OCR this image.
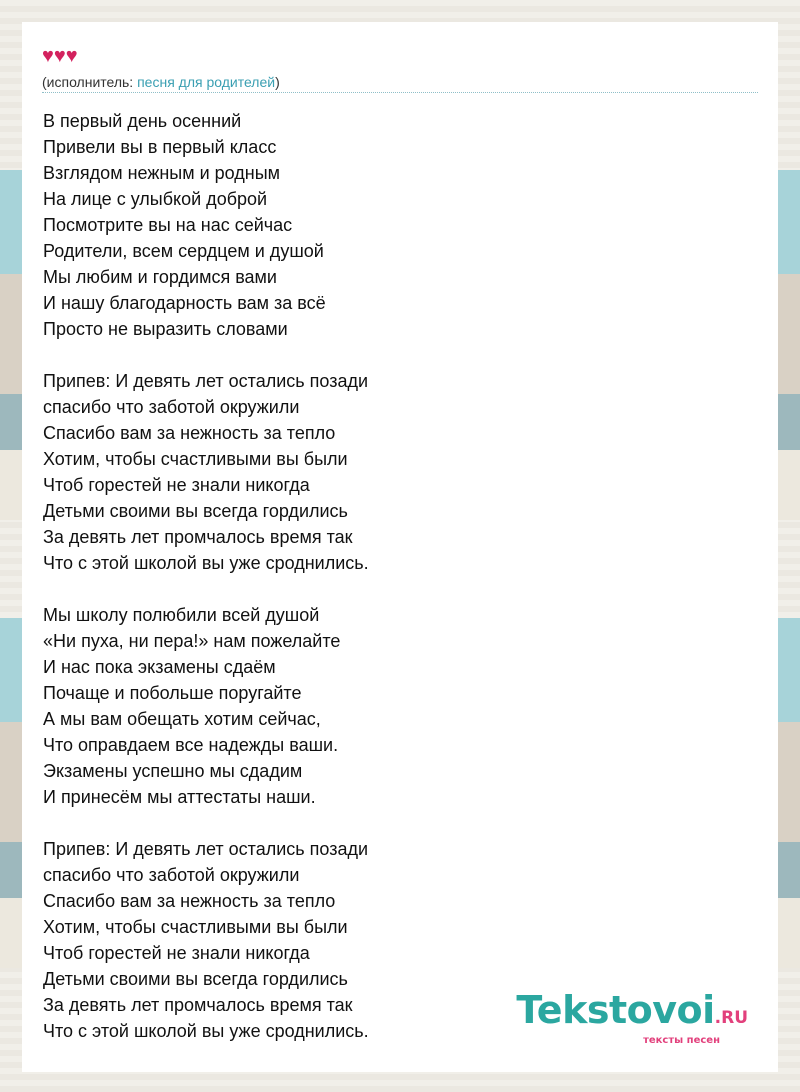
♥♥♥
(исполнитель: песня для родителей)
В первый день осенний
Привели вы в первый класс
Взглядом нежным и родным
На лице с улыбкой доброй
Посмотрите вы на нас сейчас
Родители, всем сердцем и душой
Мы любим и гордимся вами
И нашу благодарность вам за всё
Просто не выразить словами
Припев: И девять лет остались позади
спасибо что заботой окружили
Спасибо вам за нежность за тепло
Хотим, чтобы счастливыми вы были
Чтоб горестей не знали никогда
Детьми своими вы всегда гордились
За девять лет промчалось время так
Что с этой школой вы уже сроднились.
Мы школу полюбили всей душой
«Ни пуха, ни пера!» нам пожелайте
И нас пока экзамены сдаём
Почаще и побольше поругайте
А мы вам обещать хотим сейчас,
Что оправдаем все надежды ваши.
Экзамены успешно мы сдадим
И принесём мы аттестаты наши.
Припев: И девять лет остались позади
спасибо что заботой окружили
Спасибо вам за нежность за тепло
Хотим, чтобы счастливыми вы были
Чтоб горестей не знали никогда
Детьми своими вы всегда гордились
За девять лет промчалось время так
Что с этой школой вы уже сроднились.	Tekstovoi.RU
тексты песен
